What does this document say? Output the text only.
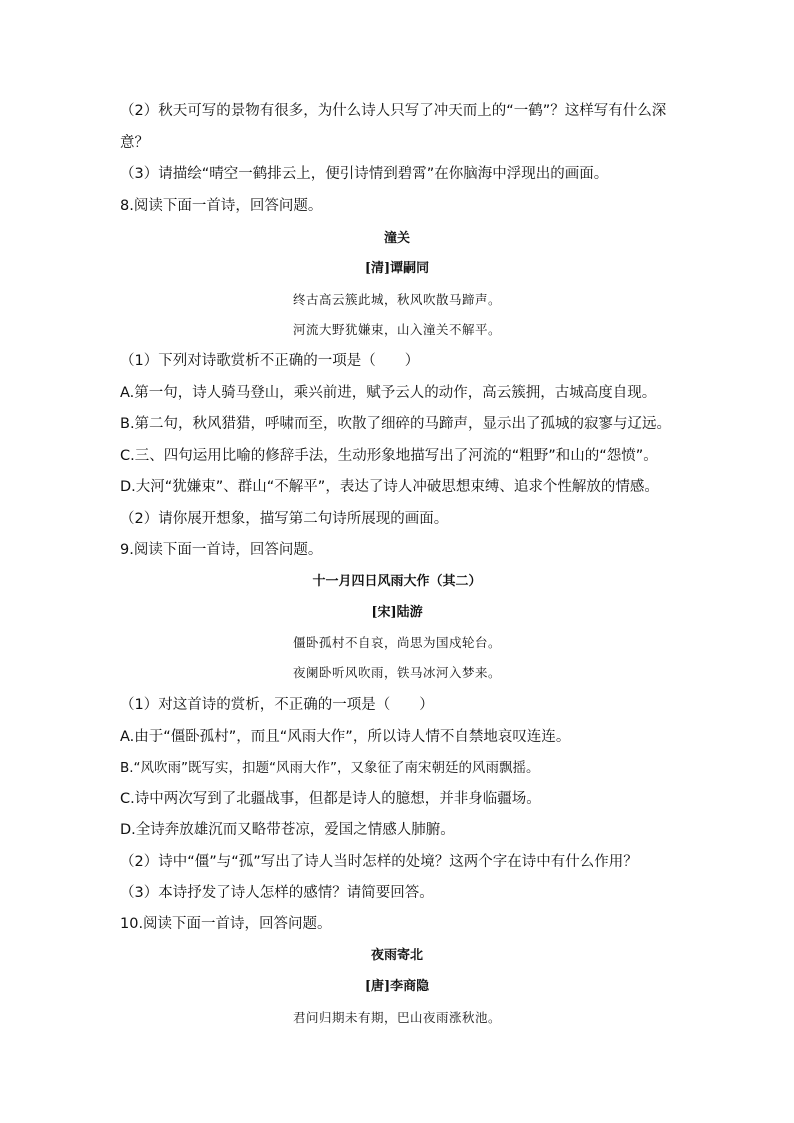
（2）秋天可写的景物有很多，为什么诗人只写了冲天而上的“一鹤”？这样写有什么深
意？
（3）请描绘“晴空一鹤排云上，便引诗情到碧霄”在你脑海中浮现出的画面。
8.阅读下面一首诗，回答问题。
潼关
[清]谭嗣同
终古高云簇此城，秋风吹散马蹄声。
河流大野犹嫌束，山入潼关不解平。
（1）下列对诗歌赏析不正确的一项是（　　）
A.第一句，诗人骑马登山，乘兴前进，赋予云人的动作，高云簇拥，古城高度自现。
B.第二句，秋风猎猎，呼啸而至，吹散了细碎的马蹄声，显示出了孤城的寂寥与辽远。
C.三、四句运用比喻的修辞手法，生动形象地描写出了河流的“粗野”和山的“怨愤”。
D.大河“犹嫌束”、群山“不解平”，表达了诗人冲破思想束缚、追求个性解放的情感。
（2）请你展开想象，描写第二句诗所展现的画面。
9.阅读下面一首诗，回答问题。
十一月四日风雨大作（其二）
[宋]陆游
僵卧孤村不自哀，尚思为国戍轮台。
夜阑卧听风吹雨，铁马冰河入梦来。
（1）对这首诗的赏析，不正确的一项是（　　）
A.由于“僵卧孤村”，而且“风雨大作”，所以诗人情不自禁地哀叹连连。
B.“风吹雨”既写实，扣题“风雨大作”，又象征了南宋朝廷的风雨飘摇。
C.诗中两次写到了北疆战事，但都是诗人的臆想，并非身临疆场。
D.全诗奔放雄沉而又略带苍凉，爱国之情感人肺腑。
（2）诗中“僵”与“孤”写出了诗人当时怎样的处境？这两个字在诗中有什么作用？
（3）本诗抒发了诗人怎样的感情？请简要回答。
10.阅读下面一首诗，回答问题。
夜雨寄北
[唐]李商隐
君问归期未有期，巴山夜雨涨秋池。
